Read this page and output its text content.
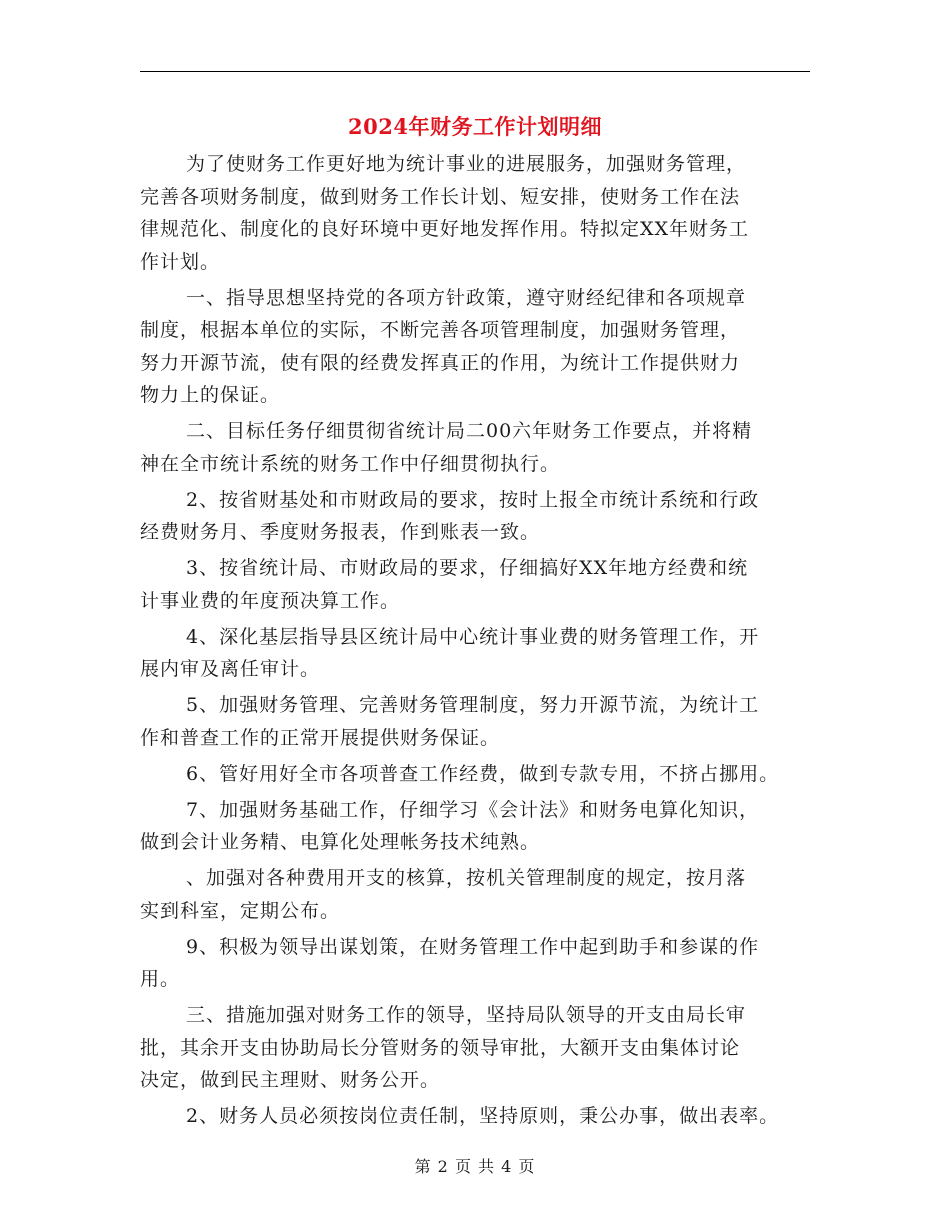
2024年财务工作计划明细

为了使财务工作更好地为统计事业的进展服务，加强财务管理，
完善各项财务制度，做到财务工作长计划、短安排，使财务工作在法
律规范化、制度化的良好环境中更好地发挥作用。特拟定XX年财务工
作计划。

一、指导思想坚持党的各项方针政策，遵守财经纪律和各项规章
制度，根据本单位的实际，不断完善各项管理制度，加强财务管理，
努力开源节流，使有限的经费发挥真正的作用，为统计工作提供财力
物力上的保证。

二、目标任务仔细贯彻省统计局二00六年财务工作要点，并将精
神在全市统计系统的财务工作中仔细贯彻执行。

2、按省财基处和市财政局的要求，按时上报全市统计系统和行政
经费财务月、季度财务报表，作到账表一致。

3、按省统计局、市财政局的要求，仔细搞好XX年地方经费和统
计事业费的年度预决算工作。

4、深化基层指导县区统计局中心统计事业费的财务管理工作，开
展内审及离任审计。

5、加强财务管理、完善财务管理制度，努力开源节流，为统计工
作和普查工作的正常开展提供财务保证。

6、管好用好全市各项普查工作经费，做到专款专用，不挤占挪用。

7、加强财务基础工作，仔细学习《会计法》和财务电算化知识，
做到会计业务精、电算化处理帐务技术纯熟。

、加强对各种费用开支的核算，按机关管理制度的规定，按月落
实到科室，定期公布。

9、积极为领导出谋划策，在财务管理工作中起到助手和参谋的作
用。

三、措施加强对财务工作的领导，坚持局队领导的开支由局长审
批，其余开支由协助局长分管财务的领导审批，大额开支由集体讨论
决定，做到民主理财、财务公开。

2、财务人员必须按岗位责任制，坚持原则，秉公办事，做出表率。

第 2 页 共 4 页
